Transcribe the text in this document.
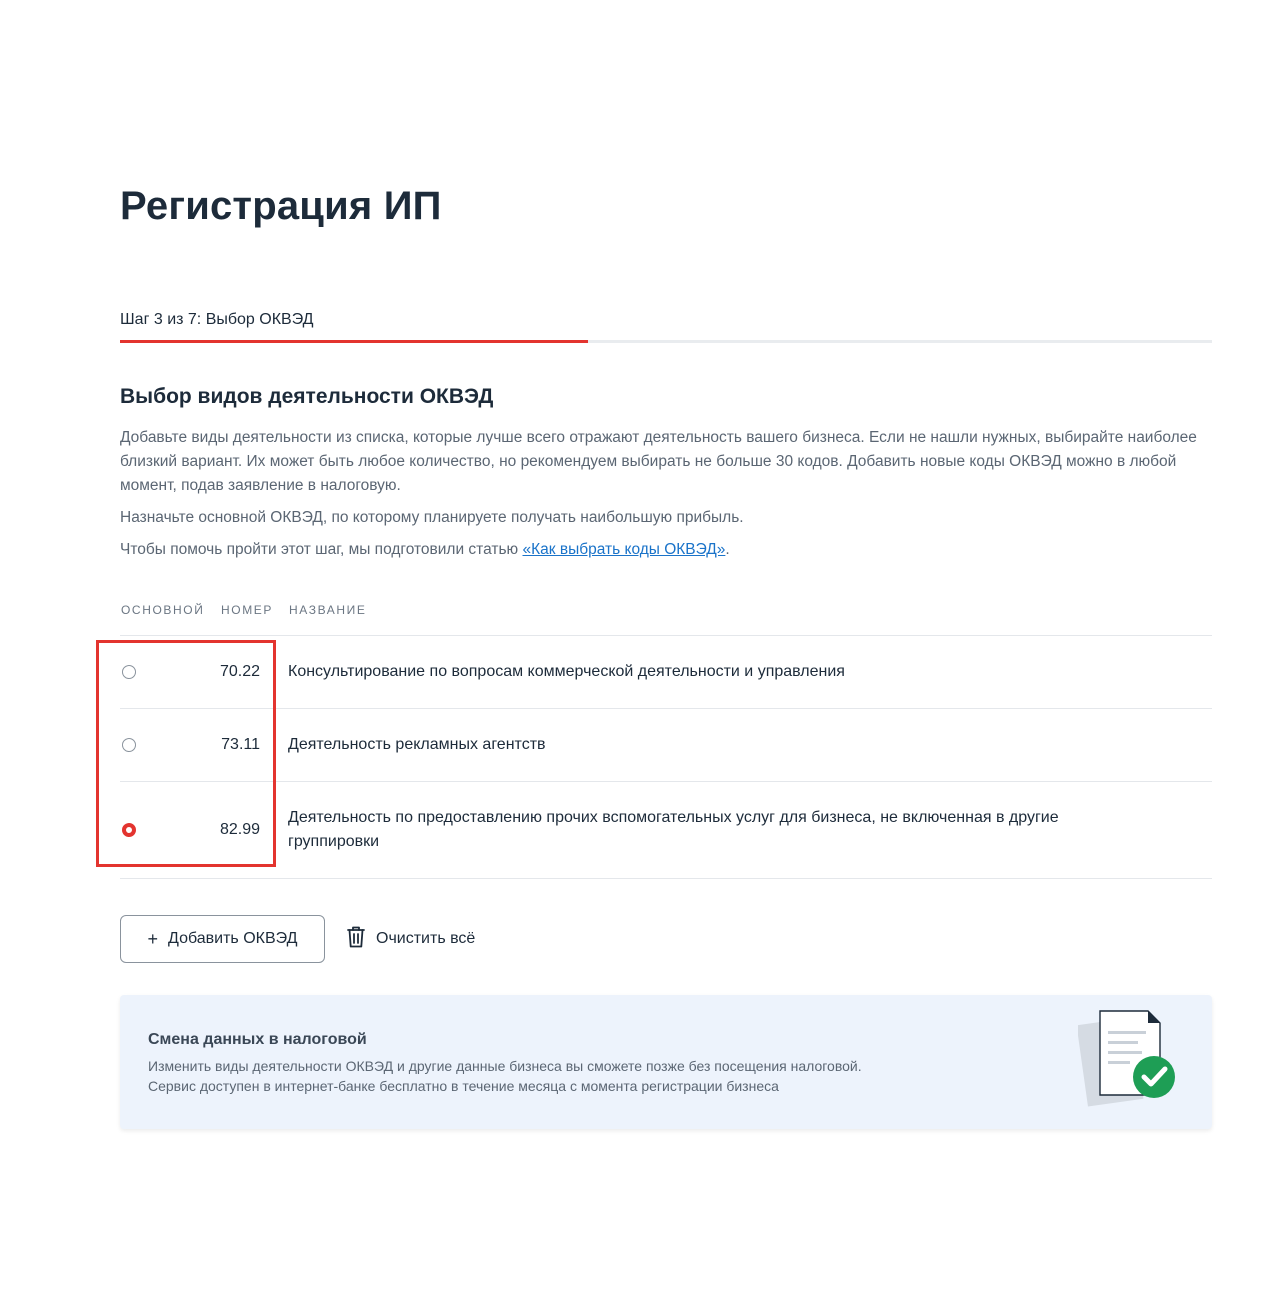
Регистрация ИП
Шаг 3 из 7: Выбор ОКВЭД
Выбор видов деятельности ОКВЭД

Добавьте виды деятельности из списка, которые лучше всего отражают деятельность вашего бизнеса. Если не нашли нужных, выбирайте наиболее близкий вариант. Их может быть любое количество, но рекомендуем выбирать не больше 30 кодов. Добавить новые коды ОКВЭД можно в любой момент, подав заявление в налоговую.

Назначьте основной ОКВЭД, по которому планируете получать наибольшую прибыль.

Чтобы помочь пройти этот шаг, мы подготовили статью «Как выбрать коды ОКВЭД».

ОСНОВНОЙ НОМЕР НАЗВАНИЕ
70.22 Консультирование по вопросам коммерческой деятельности и управления
73.11 Деятельность рекламных агентств
82.99
Деятельность по предоставлению прочих вспомогательных услуг для бизнеса, не включенная в другие группировки
+ Добавить ОКВЭД	Очистить всё
Смена данных в налоговой
Изменить виды деятельности ОКВЭД и другие данные бизнеса вы сможете позже без посещения налоговой.
Сервис доступен в интернет-банке бесплатно в течение месяца с момента регистрации бизнеса
